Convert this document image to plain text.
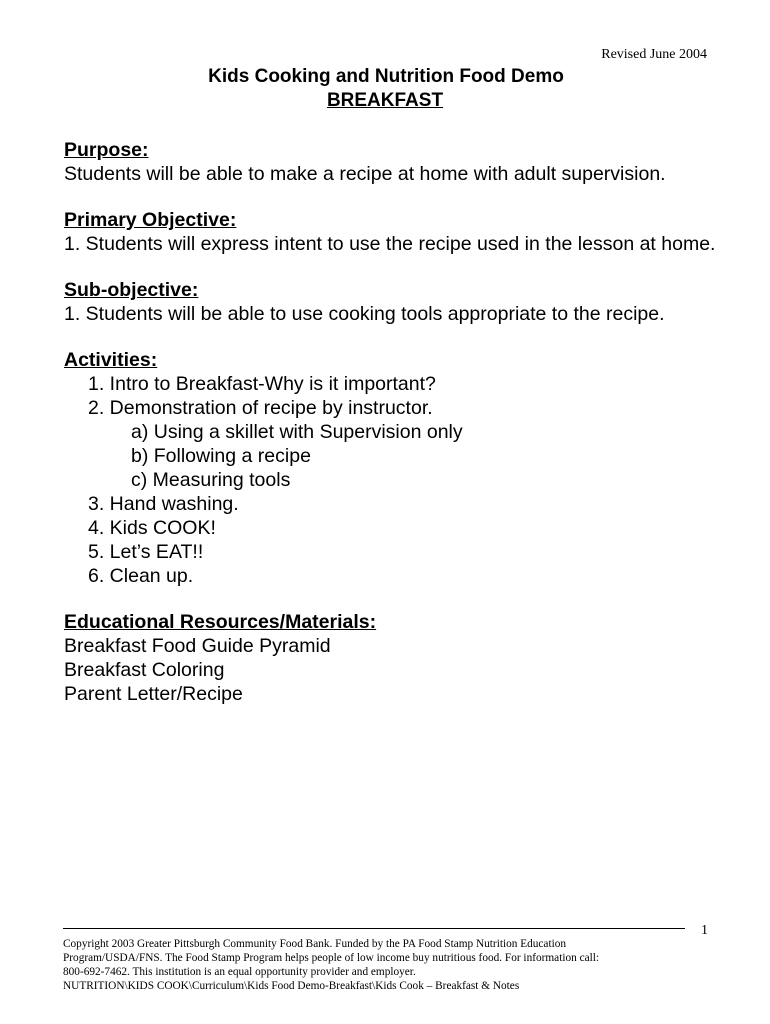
Revised June 2004
Kids Cooking and Nutrition Food Demo
BREAKFAST
Purpose:
Students will be able to make a recipe at home with adult supervision.
Primary Objective:
1. Students will express intent to use the recipe used in the lesson at home.
Sub-objective:
1. Students will be able to use cooking tools appropriate to the recipe.
Activities:
1. Intro to Breakfast-Why is it important?
2. Demonstration of recipe by instructor.
a) Using a skillet with Supervision only
b) Following a recipe
c) Measuring tools
3. Hand washing.
4. Kids COOK!
5. Let’s EAT!!
6. Clean up.
Educational Resources/Materials:
Breakfast Food Guide Pyramid
Breakfast Coloring
Parent Letter/Recipe
1
Copyright 2003 Greater Pittsburgh Community Food Bank. Funded by the PA Food Stamp Nutrition Education
Program/USDA/FNS. The Food Stamp Program helps people of low income buy nutritious food. For information call:
800-692-7462. This institution is an equal opportunity provider and employer.
NUTRITION\KIDS COOK\Curriculum\Kids Food Demo-Breakfast\Kids Cook – Breakfast & Notes
